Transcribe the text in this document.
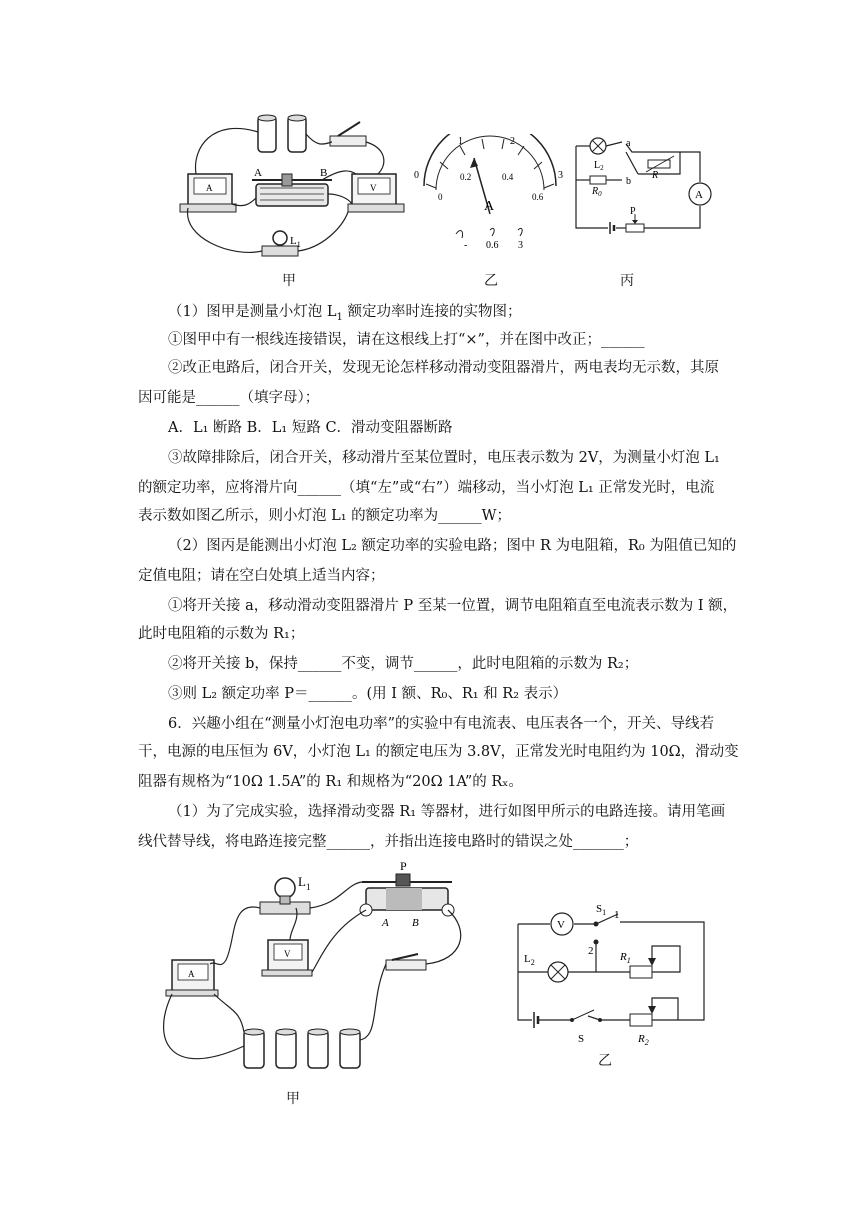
A	V
A	B
$L_1$
甲
0
1	2
3
0
0.2	0.4
0.6
A
- 0.6 3
乙
A
P
a
b
$L_2$
$R_0$
R
丙
（1）图甲是测量小灯泡 $L_1$ 额定功率时连接的实物图；
①图甲中有一根线连接错误，请在这根线上打“×”，并在图中改正；______
②改正电路后，闭合开关，发现无论怎样移动滑动变阻器滑片，两电表均无示数，其原
因可能是______（填字母）；
A．L₁ 断路 B．L₁ 短路 C．滑动变阻器断路
③故障排除后，闭合开关，移动滑片至某位置时，电压表示数为 2V，为测量小灯泡 L₁
的额定功率，应将滑片向______（填“左”或“右”）端移动，当小灯泡 L₁ 正常发光时，电流
表示数如图乙所示，则小灯泡 L₁ 的额定功率为______W；
（2）图丙是能测出小灯泡 L₂ 额定功率的实验电路；图中 R 为电阻箱，R₀ 为阻值已知的
定值电阻；请在空白处填上适当内容；
①将开关接 a，移动滑动变阻器滑片 P 至某一位置，调节电阻箱直至电流表示数为 I 额，
此时电阻箱的示数为 R₁；
②将开关接 b，保持______不变，调节______，此时电阻箱的示数为 R₂；
③则 L₂ 额定功率 P＝______。(用 I 额、R₀、R₁ 和 R₂ 表示）
6．兴趣小组在“测量小灯泡电功率”的实验中有电流表、电压表各一个，开关、导线若
干，电源的电压恒为 6V，小灯泡 L₁ 的额定电压为 3.8V，正常发光时电阻约为 10Ω，滑动变
阻器有规格为“10Ω 1.5A”的 R₁ 和规格为“20Ω 1A”的 Rₓ。
（1）为了完成实验，选择滑动变器 R₁ 等器材，进行如图甲所示的电路连接。请用笔画
线代替导线，将电路连接完整______，并指出连接电路时的错误之处_______；
$L_1$
P
A B
V
A
甲
V
$S_1$ 1
2
$L_2$	$R_1$
S	$R_2$
乙
